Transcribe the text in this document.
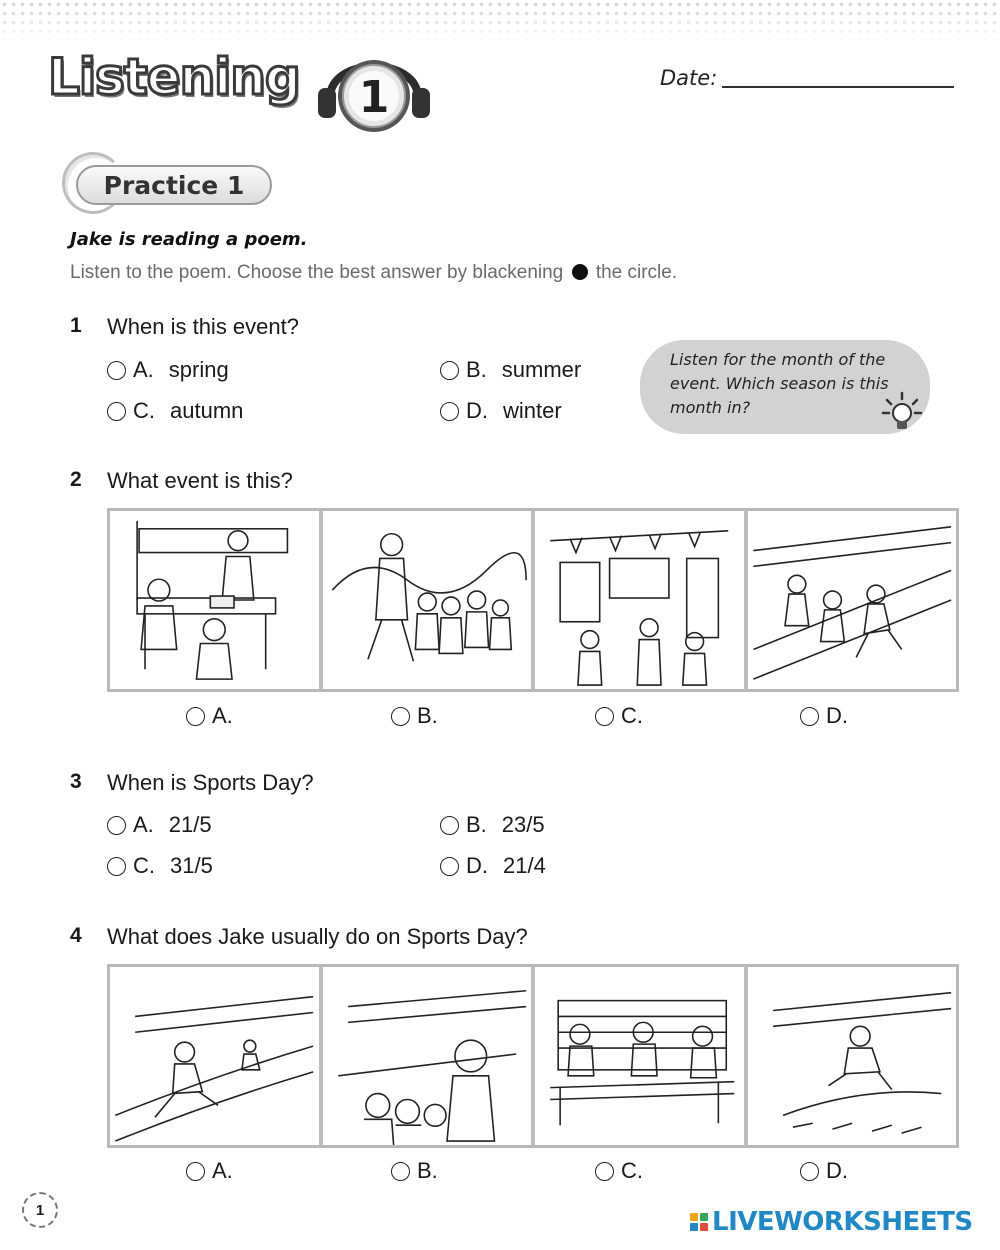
Listening 1	Date:
Practice 1
Jake is reading a poem.
Listen to the poem. Choose the best answer by blackening the circle.
1 When is this event?
A. spring	B. summer
C. autumn	D. winter

Listen for the month of the event. Which season is this month in?

2 What event is this?
A.	B.	C.	D.
3 When is Sports Day?
A. 21/5	B. 23/5
C. 31/5	D. 21/4
4 What does Jake usually do on Sports Day?
A.	B.	C.	D.
1	LIVEWORKSHEETS
